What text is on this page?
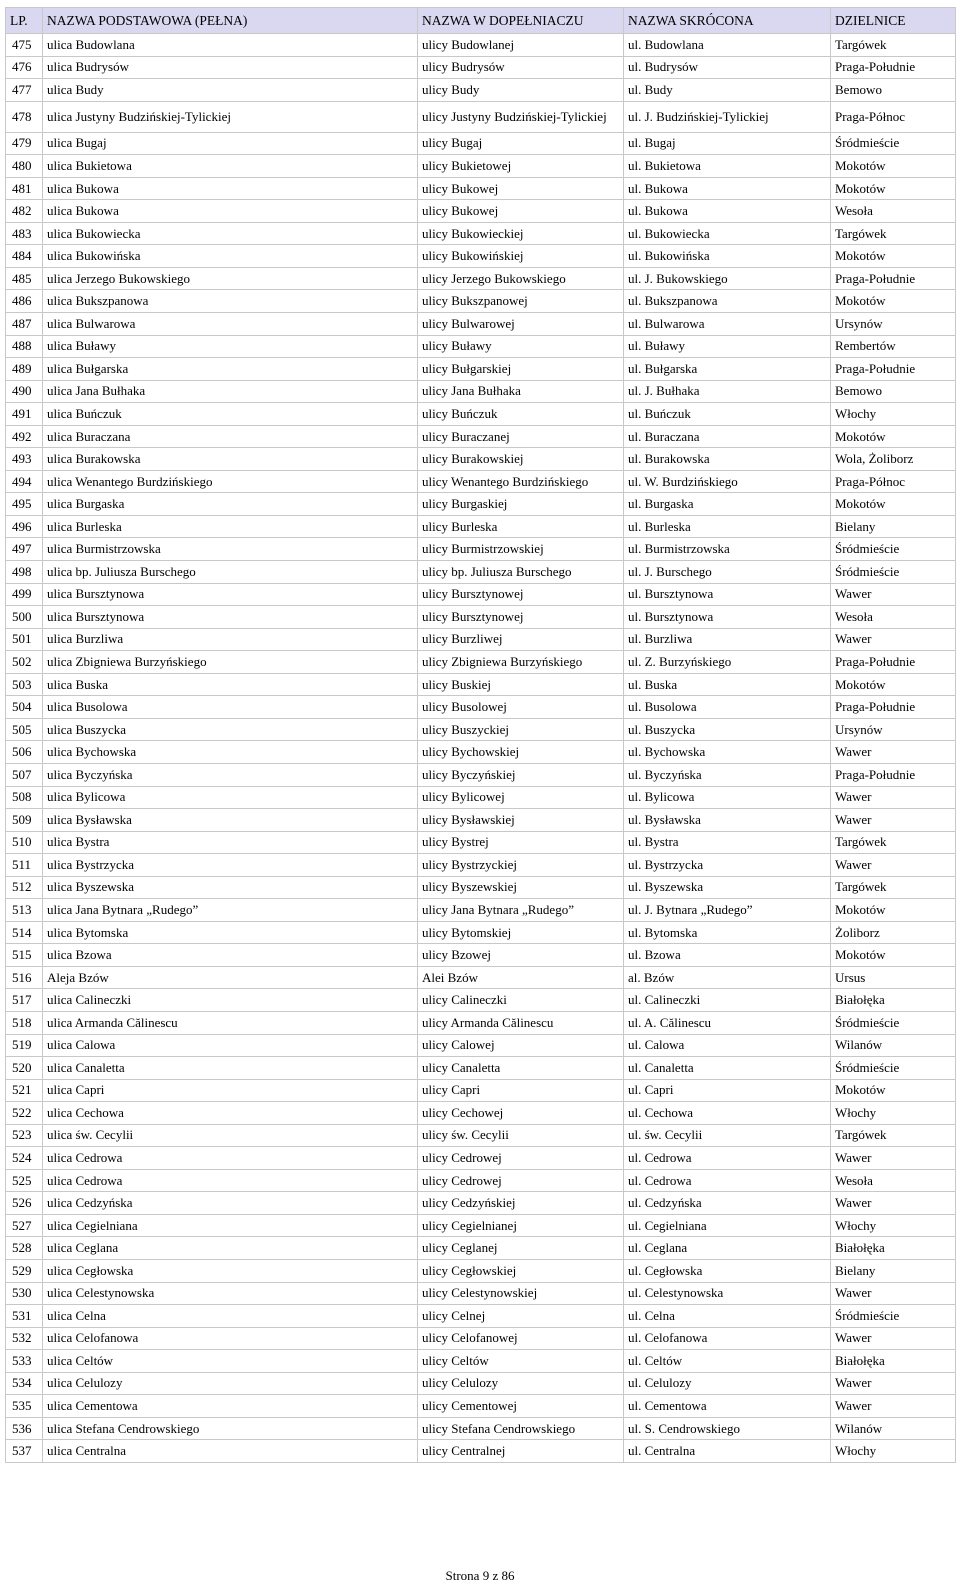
LP.	NAZWA PODSTAWOWA (PEŁNA)	NAZWA W DOPEŁNIACZU	NAZWA SKRÓCONA	DZIELNICE
475	ulica Budowlana	ulicy Budowlanej	ul. Budowlana	Targówek
476	ulica Budrysów	ulicy Budrysów	ul. Budrysów	Praga-Południe
477	ulica Budy	ulicy Budy	ul. Budy	Bemowo
478	ulica Justyny Budzińskiej-Tylickiej	ulicy Justyny Budzińskiej-Tylickiej	ul. J. Budzińskiej-Tylickiej	Praga-Północ
479	ulica Bugaj	ulicy Bugaj	ul. Bugaj	Śródmieście
480	ulica Bukietowa	ulicy Bukietowej	ul. Bukietowa	Mokotów
481	ulica Bukowa	ulicy Bukowej	ul. Bukowa	Mokotów
482	ulica Bukowa	ulicy Bukowej	ul. Bukowa	Wesoła
483	ulica Bukowiecka	ulicy Bukowieckiej	ul. Bukowiecka	Targówek
484	ulica Bukowińska	ulicy Bukowińskiej	ul. Bukowińska	Mokotów
485	ulica Jerzego Bukowskiego	ulicy Jerzego Bukowskiego	ul. J. Bukowskiego	Praga-Południe
486	ulica Bukszpanowa	ulicy Bukszpanowej	ul. Bukszpanowa	Mokotów
487	ulica Bulwarowa	ulicy Bulwarowej	ul. Bulwarowa	Ursynów
488	ulica Buławy	ulicy Buławy	ul. Buławy	Rembertów
489	ulica Bułgarska	ulicy Bułgarskiej	ul. Bułgarska	Praga-Południe
490	ulica Jana Bułhaka	ulicy Jana Bułhaka	ul. J. Bułhaka	Bemowo
491	ulica Buńczuk	ulicy Buńczuk	ul. Buńczuk	Włochy
492	ulica Buraczana	ulicy Buraczanej	ul. Buraczana	Mokotów
493	ulica Burakowska	ulicy Burakowskiej	ul. Burakowska	Wola, Żoliborz
494	ulica Wenantego Burdzińskiego	ulicy Wenantego Burdzińskiego	ul. W. Burdzińskiego	Praga-Północ
495	ulica Burgaska	ulicy Burgaskiej	ul. Burgaska	Mokotów
496	ulica Burleska	ulicy Burleska	ul. Burleska	Bielany
497	ulica Burmistrzowska	ulicy Burmistrzowskiej	ul. Burmistrzowska	Śródmieście
498	ulica bp. Juliusza Burschego	ulicy bp. Juliusza Burschego	ul. J. Burschego	Śródmieście
499	ulica Bursztynowa	ulicy Bursztynowej	ul. Bursztynowa	Wawer
500	ulica Bursztynowa	ulicy Bursztynowej	ul. Bursztynowa	Wesoła
501	ulica Burzliwa	ulicy Burzliwej	ul. Burzliwa	Wawer
502	ulica Zbigniewa Burzyńskiego	ulicy Zbigniewa Burzyńskiego	ul. Z. Burzyńskiego	Praga-Południe
503	ulica Buska	ulicy Buskiej	ul. Buska	Mokotów
504	ulica Busolowa	ulicy Busolowej	ul. Busolowa	Praga-Południe
505	ulica Buszycka	ulicy Buszyckiej	ul. Buszycka	Ursynów
506	ulica Bychowska	ulicy Bychowskiej	ul. Bychowska	Wawer
507	ulica Byczyńska	ulicy Byczyńskiej	ul. Byczyńska	Praga-Południe
508	ulica Bylicowa	ulicy Bylicowej	ul. Bylicowa	Wawer
509	ulica Bysławska	ulicy Bysławskiej	ul. Bysławska	Wawer
510	ulica Bystra	ulicy Bystrej	ul. Bystra	Targówek
511	ulica Bystrzycka	ulicy Bystrzyckiej	ul. Bystrzycka	Wawer
512	ulica Byszewska	ulicy Byszewskiej	ul. Byszewska	Targówek
513	ulica Jana Bytnara „Rudego”	ulicy Jana Bytnara „Rudego”	ul. J. Bytnara „Rudego”	Mokotów
514	ulica Bytomska	ulicy Bytomskiej	ul. Bytomska	Żoliborz
515	ulica Bzowa	ulicy Bzowej	ul. Bzowa	Mokotów
516	Aleja Bzów	Alei Bzów	al. Bzów	Ursus
517	ulica Calineczki	ulicy Calineczki	ul. Calineczki	Białołęka
518	ulica Armanda Călinescu	ulicy Armanda Călinescu	ul. A. Călinescu	Śródmieście
519	ulica Calowa	ulicy Calowej	ul. Calowa	Wilanów
520	ulica Canaletta	ulicy Canaletta	ul. Canaletta	Śródmieście
521	ulica Capri	ulicy Capri	ul. Capri	Mokotów
522	ulica Cechowa	ulicy Cechowej	ul. Cechowa	Włochy
523	ulica św. Cecylii	ulicy św. Cecylii	ul. św. Cecylii	Targówek
524	ulica Cedrowa	ulicy Cedrowej	ul. Cedrowa	Wawer
525	ulica Cedrowa	ulicy Cedrowej	ul. Cedrowa	Wesoła
526	ulica Cedzyńska	ulicy Cedzyńskiej	ul. Cedzyńska	Wawer
527	ulica Cegielniana	ulicy Cegielnianej	ul. Cegielniana	Włochy
528	ulica Ceglana	ulicy Ceglanej	ul. Ceglana	Białołęka
529	ulica Cegłowska	ulicy Cegłowskiej	ul. Cegłowska	Bielany
530	ulica Celestynowska	ulicy Celestynowskiej	ul. Celestynowska	Wawer
531	ulica Celna	ulicy Celnej	ul. Celna	Śródmieście
532	ulica Celofanowa	ulicy Celofanowej	ul. Celofanowa	Wawer
533	ulica Celtów	ulicy Celtów	ul. Celtów	Białołęka
534	ulica Celulozy	ulicy Celulozy	ul. Celulozy	Wawer
535	ulica Cementowa	ulicy Cementowej	ul. Cementowa	Wawer
536	ulica Stefana Cendrowskiego	ulicy Stefana Cendrowskiego	ul. S. Cendrowskiego	Wilanów
537	ulica Centralna	ulicy Centralnej	ul. Centralna	Włochy
Strona 9 z 86
